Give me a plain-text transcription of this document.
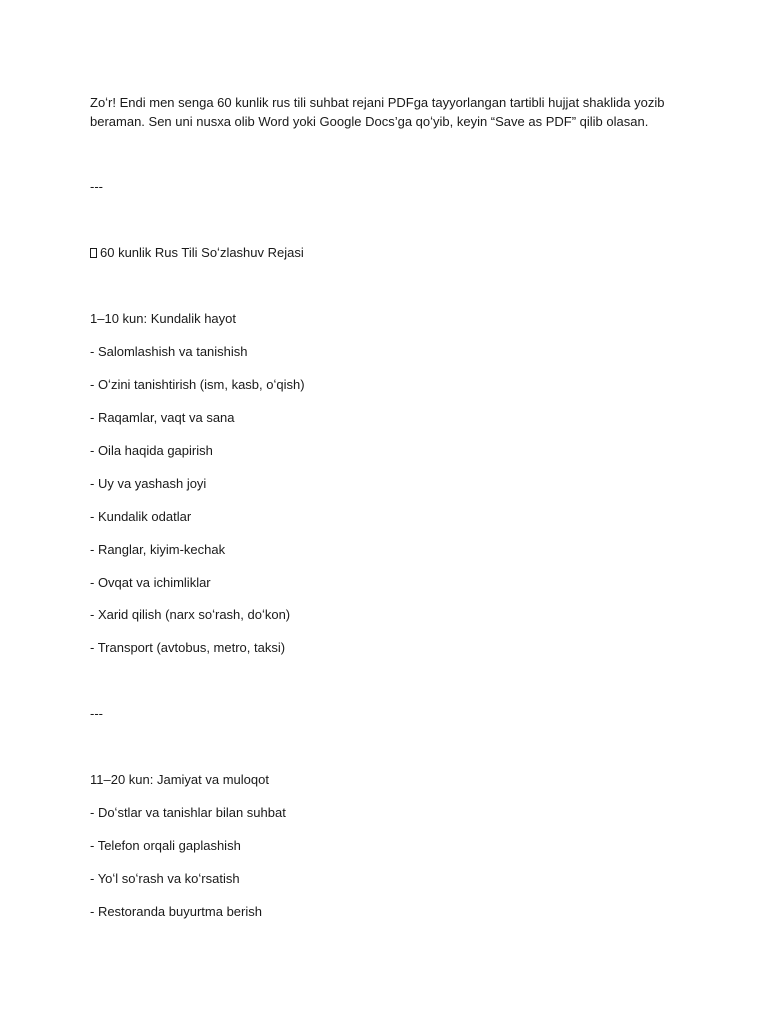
Zoʻr! Endi men senga 60 kunlik rus tili suhbat rejani PDFga tayyorlangan tartibli hujjat shaklida yozib
beraman. Sen uni nusxa olib Word yoki Google Docs’ga qoʻyib, keyin “Save as PDF” qilib olasan.
---
60 kunlik Rus Tili Soʻzlashuv Rejasi
1–10 kun: Kundalik hayot
- Salomlashish va tanishish
- Oʻzini tanishtirish (ism, kasb, oʻqish)
- Raqamlar, vaqt va sana
- Oila haqida gapirish
- Uy va yashash joyi
- Kundalik odatlar
- Ranglar, kiyim-kechak
- Ovqat va ichimliklar
- Xarid qilish (narx soʻrash, doʻkon)
- Transport (avtobus, metro, taksi)
---
11–20 kun: Jamiyat va muloqot
- Doʻstlar va tanishlar bilan suhbat
- Telefon orqali gaplashish
- Yoʻl soʻrash va koʻrsatish
- Restoranda buyurtma berish
